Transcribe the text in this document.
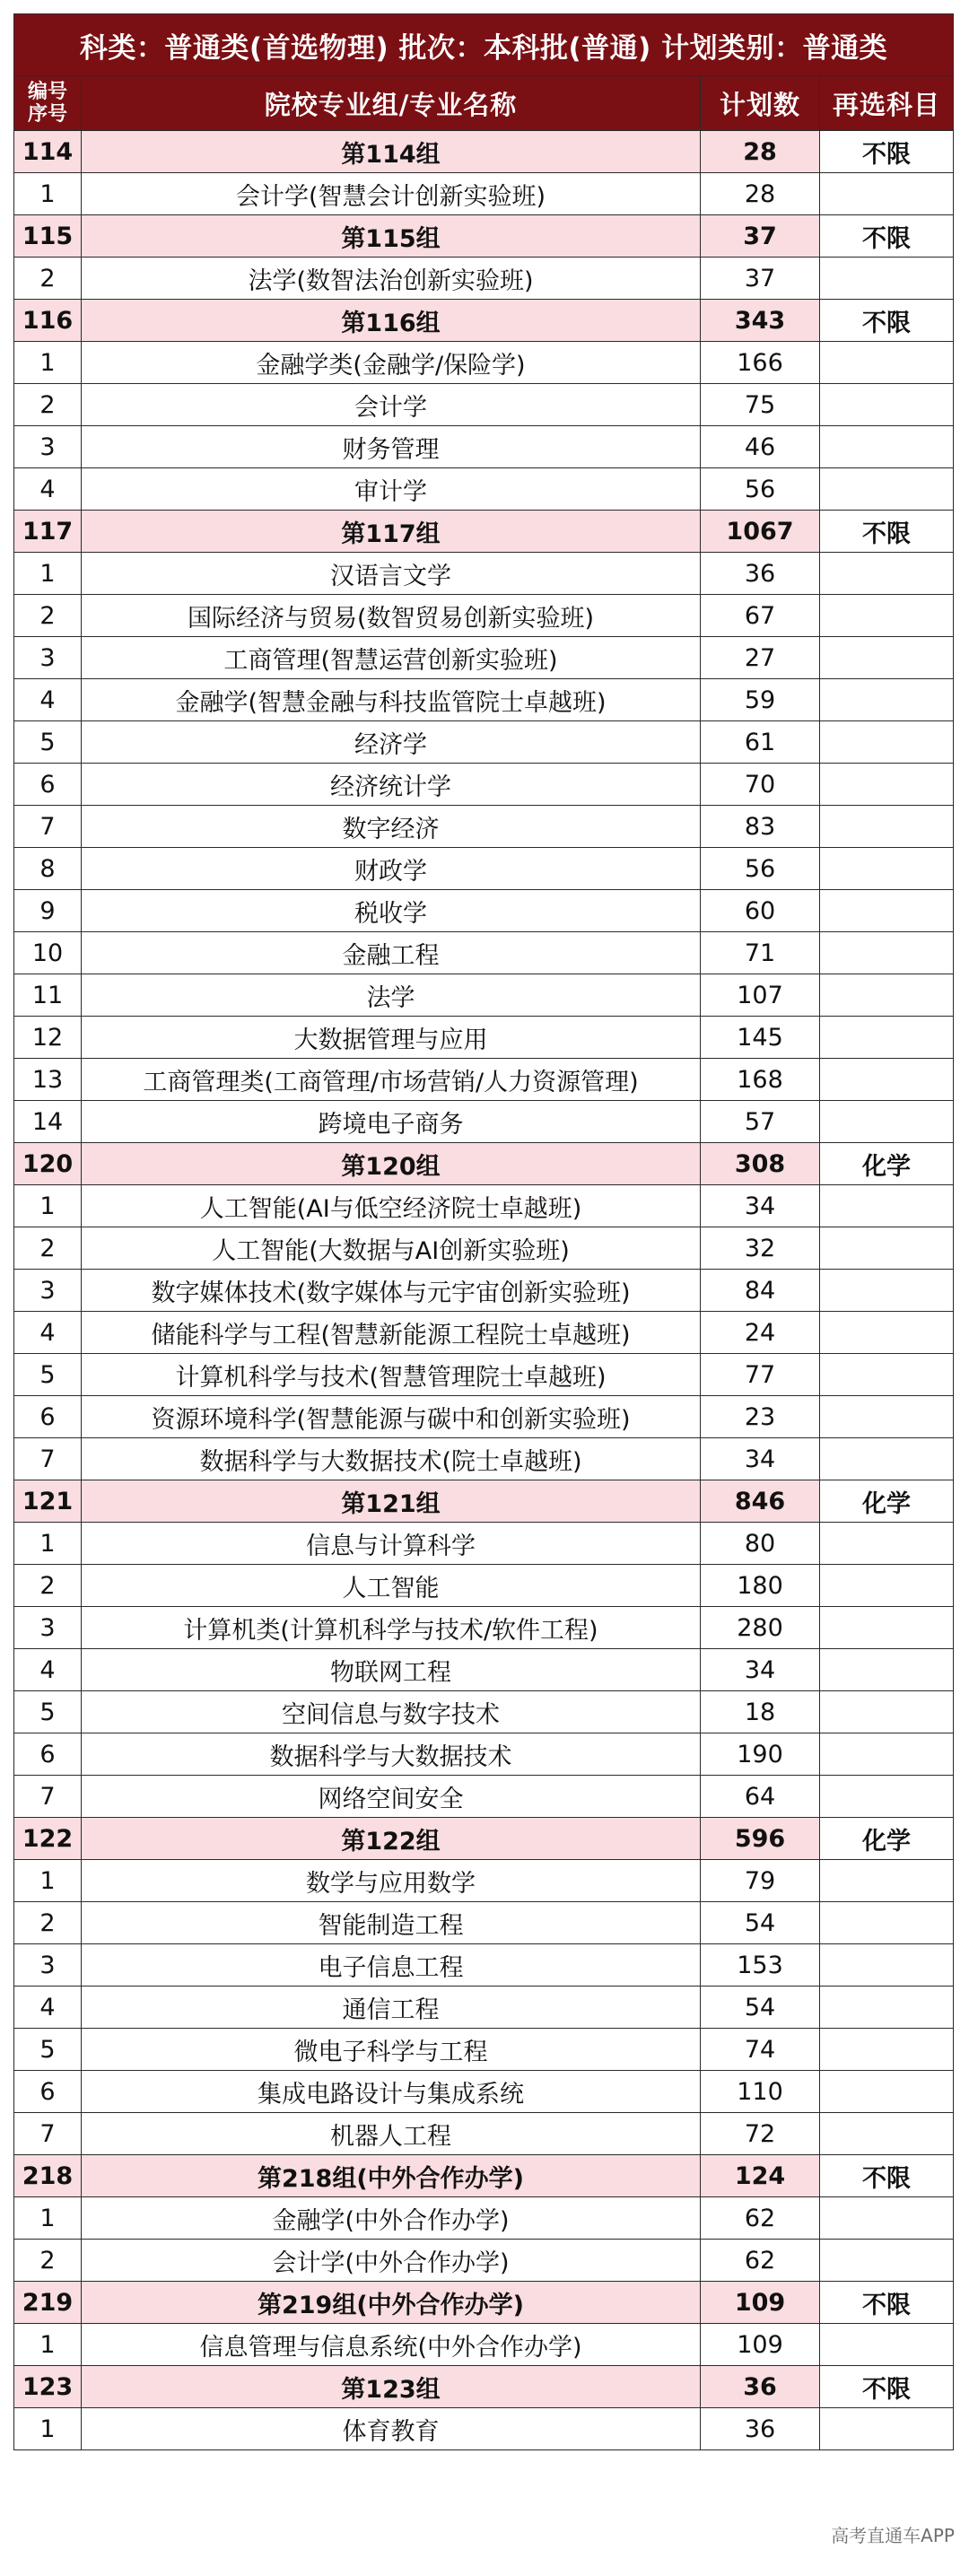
科类：普通类(首选物理) 批次：本科批(普通) 计划类别：普通类			

编号
序号	院校专业组/专业名称	计划数	再选科目
114	第114组	28	不限
1	会计学(智慧会计创新实验班)	28	
115	第115组	37	不限
2	法学(数智法治创新实验班)	37	
116	第116组	343	不限
1	金融学类(金融学/保险学)	166	
2	会计学	75	
3	财务管理	46	
4	审计学	56	
117	第117组	1067	不限
1	汉语言文学	36	
2	国际经济与贸易(数智贸易创新实验班)	67	
3	工商管理(智慧运营创新实验班)	27	
4	金融学(智慧金融与科技监管院士卓越班)	59	
5	经济学	61	
6	经济统计学	70	
7	数字经济	83	
8	财政学	56	
9	税收学	60	
10	金融工程	71	
11	法学	107	
12	大数据管理与应用	145	
13	工商管理类(工商管理/市场营销/人力资源管理)	168	
14	跨境电子商务	57	
120	第120组	308	化学
1	人工智能(AI与低空经济院士卓越班)	34	
2	人工智能(大数据与AI创新实验班)	32	
3	数字媒体技术(数字媒体与元宇宙创新实验班)	84	
4	储能科学与工程(智慧新能源工程院士卓越班)	24	
5	计算机科学与技术(智慧管理院士卓越班)	77	
6	资源环境科学(智慧能源与碳中和创新实验班)	23	
7	数据科学与大数据技术(院士卓越班)	34	
121	第121组	846	化学
1	信息与计算科学	80	
2	人工智能	180	
3	计算机类(计算机科学与技术/软件工程)	280	
4	物联网工程	34	
5	空间信息与数字技术	18	
6	数据科学与大数据技术	190	
7	网络空间安全	64	
122	第122组	596	化学
1	数学与应用数学	79	
2	智能制造工程	54	
3	电子信息工程	153	
4	通信工程	54	
5	微电子科学与工程	74	
6	集成电路设计与集成系统	110	
7	机器人工程	72	
218	第218组(中外合作办学)	124	不限
1	金融学(中外合作办学)	62	
2	会计学(中外合作办学)	62	
219	第219组(中外合作办学)	109	不限
1	信息管理与信息系统(中外合作办学)	109	
123	第123组	36	不限
1	体育教育	36	
高考直通车APP
